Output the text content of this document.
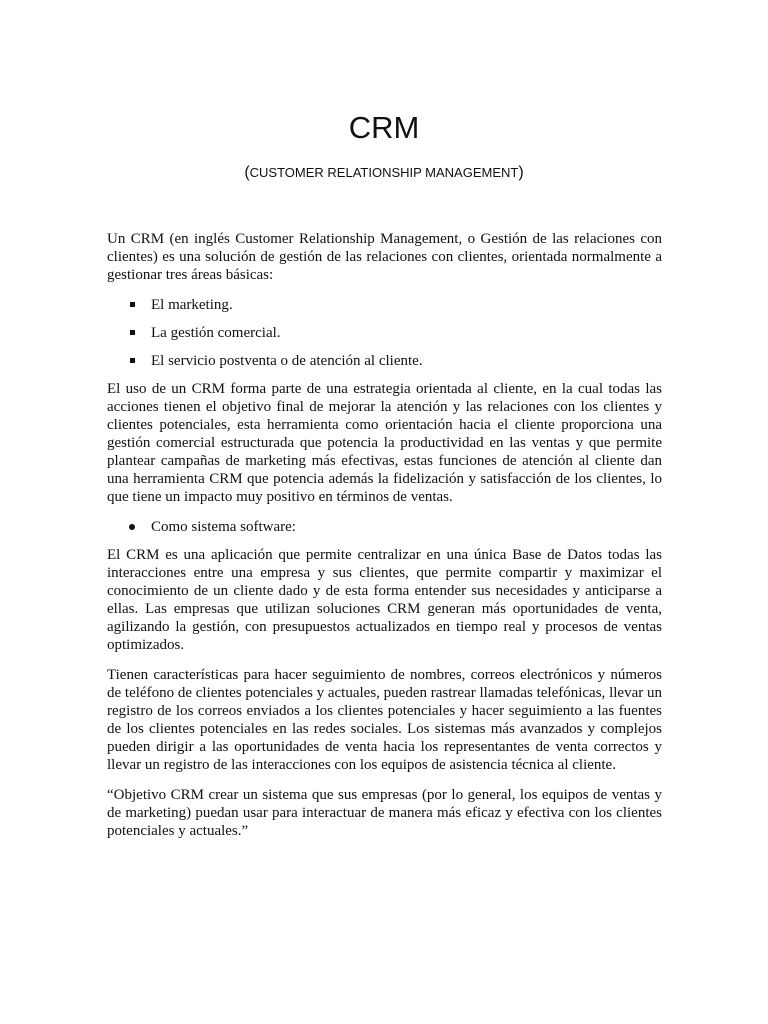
CRM
(CUSTOMER RELATIONSHIP MANAGEMENT)

Un CRM (en inglés Customer Relationship Management, o Gestión de las relaciones con clientes) es una solución de gestión de las relaciones con clientes, orientada normalmente a gestionar tres áreas básicas:

El marketing.
La gestión comercial.
El servicio postventa o de atención al cliente.

El uso de un CRM forma parte de una estrategia orientada al cliente, en la cual todas las acciones tienen el objetivo final de mejorar la atención y las relaciones con los clientes y clientes potenciales, esta herramienta como orientación hacia el cliente proporciona una gestión comercial estructurada que potencia la productividad en las ventas y que permite plantear campañas de marketing más efectivas, estas funciones de atención al cliente dan una herramienta CRM que potencia además la fidelización y satisfacción de los clientes, lo que tiene un impacto muy positivo en términos de ventas.

Como sistema software:

El CRM es una aplicación que permite centralizar en una única Base de Datos todas las interacciones entre una empresa y sus clientes, que permite compartir y maximizar el conocimiento de un cliente dado y de esta forma entender sus necesidades y anticiparse a ellas. Las empresas que utilizan soluciones CRM generan más oportunidades de venta, agilizando la gestión, con presupuestos actualizados en tiempo real y procesos de ventas optimizados.

Tienen características para hacer seguimiento de nombres, correos electrónicos y números de teléfono de clientes potenciales y actuales, pueden rastrear llamadas telefónicas, llevar un registro de los correos enviados a los clientes potenciales y hacer seguimiento a las fuentes de los clientes potenciales en las redes sociales. Los sistemas más avanzados y complejos pueden dirigir a las oportunidades de venta hacia los representantes de venta correctos y llevar un registro de las interacciones con los equipos de asistencia técnica al cliente.

“Objetivo CRM crear un sistema que sus empresas (por lo general, los equipos de ventas y de marketing) puedan usar para interactuar de manera más eficaz y efectiva con los clientes potenciales y actuales.”
